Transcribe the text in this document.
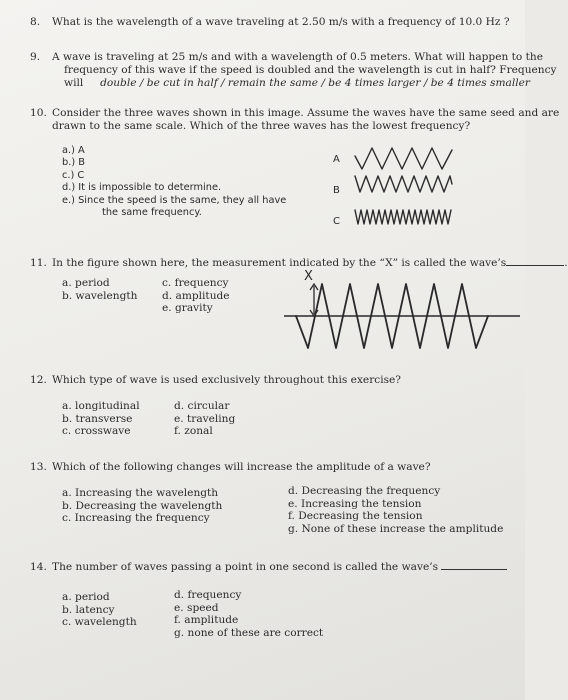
8. What is the wavelength of a wave traveling at 2.50 m/s with a frequency of 10.0 Hz ?
9. A wave is traveling at 25 m/s and with a wavelength of 0.5 meters. What will happen to the
frequency of this wave if the speed is doubled and the wavelength is cut in half? Frequency
will double / be cut in half / remain the same / be 4 times larger / be 4 times smaller
10. Consider the three waves shown in this image. Assume the waves have the same seed and are
drawn to the same scale. Which of the three waves has the lowest frequency?
a.) A
b.) B
c.) C
d.) It is impossible to determine.
e.) Since the speed is the same, they all have
the same frequency.
A
B
C
11. In the figure shown here, the measurement indicated by the “X” is called the wave’s	.
a. period
b. wavelength
c. frequency
d. amplitude
e. gravity
X
12. Which type of wave is used exclusively throughout this exercise?
a. longitudinal
b. transverse
c. crosswave
d. circular
e. traveling
f. zonal
13. Which of the following changes will increase the amplitude of a wave?
a. Increasing the wavelength
b. Decreasing the wavelength
c. Increasing the frequency
d. Decreasing the frequency
e. Increasing the tension
f. Decreasing the tension
g. None of these increase the amplitude
14. The number of waves passing a point in one second is called the wave’s
a. period
b. latency
c. wavelength
d. frequency
e. speed
f. amplitude
g. none of these are correct
